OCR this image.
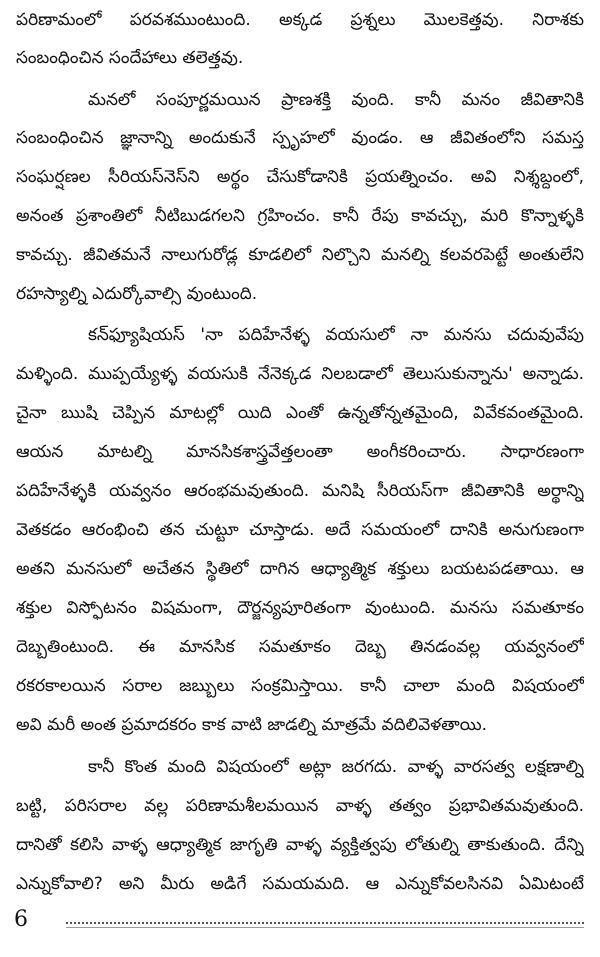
పరిణామంలో పరవశముంటుంది. అక్కడ ప్రశ్నలు మొలకెత్తవు. నిరాశకు
సంబంధించిన సందేహాలు తలెత్తవు.
మనలో సంపూర్ణమయిన ప్రాణశక్తి వుంది. కానీ మనం జీవితానికి
సంబంధించిన జ్ఞానాన్ని అందుకునే స్పృహలో వుండం. ఆ జీవితంలోని సమస్త
సంఘర్షణల సీరియస్‌నెస్‌ని అర్థం చేసుకోడానికి ప్రయత్నించం. అవి నిశ్శబ్దంలో,
అనంత ప్రశాంతిలో నీటిబుడగలని గ్రహించం. కానీ రేపు కావచ్చు, మరి కొన్నాళ్ళకి
కావచ్చు. జీవితమనే నాలుగురోడ్ల కూడలిలో నిల్చొని మనల్ని కలవరపెట్టే అంతులేని
రహస్యాల్ని ఎదుర్కోవాల్సి వుంటుంది.
కన్‌ఫ్యూషియస్ 'నా పదిహేనేళ్ళ వయసులో నా మనసు చదువువేపు
మళ్ళింది. ముప్పయ్యేళ్ళ వయసుకి నేనెక్కడ నిలబడాలో తెలుసుకున్నాను' అన్నాడు.
చైనా ఋషి చెప్పిన మాటల్లో యిది ఎంతో ఉన్నతోన్నతమైంది, వివేకవంతమైంది.
ఆయన మాటల్ని మానసికశాస్త్రవేత్తలంతా అంగీకరించారు. సాధారణంగా
పదిహేనేళ్ళకి యవ్వనం ఆరంభమవుతుంది. మనిషి సీరియస్‌గా జీవితానికి అర్థాన్ని
వెతకడం ఆరంభించి తన చుట్టూ చూస్తాడు. అదే సమయంలో దానికి అనుగుణంగా
అతని మనసులో అచేతన స్థితిలో దాగిన ఆధ్యాత్మిక శక్తులు బయటపడతాయి. ఆ
శక్తుల విస్ఫోటనం విషమంగా, దౌర్జన్యపూరితంగా వుంటుంది. మనసు సమతూకం
దెబ్బతింటుంది. ఈ మానసిక సమతూకం దెబ్బ తినడంవల్ల యవ్వనంలో
రకరకాలయిన సరాల జబ్బులు సంక్రమిస్తాయి. కానీ చాలా మంది విషయంలో
అవి మరీ అంత ప్రమాదకరం కాక వాటి జాడల్ని మాత్రమే వదిలివెళతాయి.
కానీ కొంత మంది విషయంలో అట్లా జరగదు. వాళ్ళ వారసత్వ లక్షణాల్ని
బట్టి, పరిసరాల వల్ల పరిణామశీలమయిన వాళ్ళ తత్వం ప్రభావితమవుతుంది.
దానితో కలిసి వాళ్ళ ఆధ్యాత్మిక జాగృతి వాళ్ళ వ్యక్తిత్వపు లోతుల్ని తాకుతుంది. దేన్ని
ఎన్నుకోవాలి? అని మీరు అడిగే సమయమది. ఆ ఎన్నుకోవలసినవి ఏమిటంటే
6
